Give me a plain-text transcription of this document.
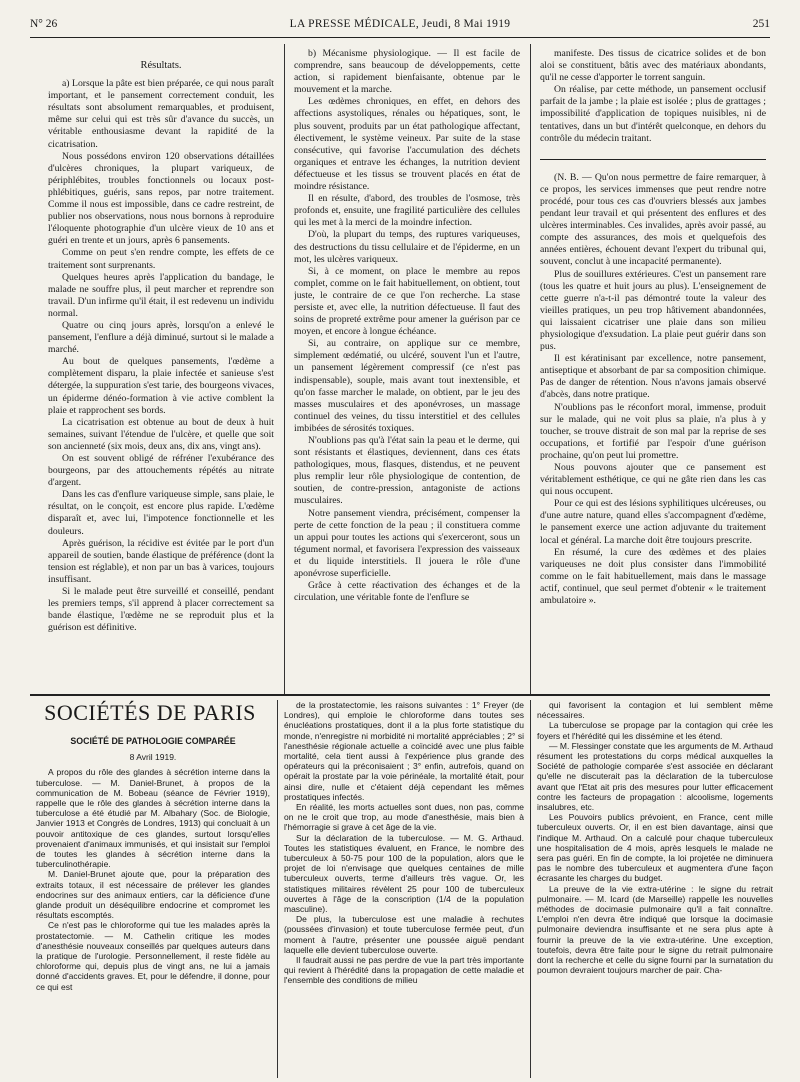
N° 26	LA PRESSE MÉDICALE, Jeudi, 8 Mai 1919	251
Résultats.

a) Lorsque la pâte est bien préparée, ce qui nous paraît important, et le pansement correctement conduit, les résultats sont absolument remarquables, et produisent, même sur celui qui est très sûr d'avance du succès, un véritable enthousiasme devant la rapidité de la cicatrisation.

Nous possédons environ 120 observations détaillées d'ulcères chroniques, la plupart variqueux, de périphlébites, troubles fonctionnels ou locaux post-phlébitiques, guéris, sans repos, par notre traitement. Comme il nous est impossible, dans ce cadre restreint, de publier nos observations, nous nous bornons à reproduire l'éloquente photographie d'un ulcère vieux de 10 ans et guéri en trente et un jours, après 6 pansements.

Comme on peut s'en rendre compte, les effets de ce traitement sont surprenants.

Quelques heures après l'application du bandage, le malade ne souffre plus, il peut marcher et reprendre son travail. D'un infirme qu'il était, il est redevenu un individu normal.

Quatre ou cinq jours après, lorsqu'on a enlevé le pansement, l'enflure a déjà diminué, surtout si le malade a marché.

Au bout de quelques pansements, l'œdème a complètement disparu, la plaie infectée et sanieuse s'est détergée, la suppuration s'est tarie, des bourgeons vivaces, un épiderme dénéo-formation à vie active comblent la plaie et rapprochent ses bords.

La cicatrisation est obtenue au bout de deux à huit semaines, suivant l'étendue de l'ulcère, et quelle que soit son ancienneté (six mois, deux ans, dix ans, vingt ans).

On est souvent obligé de réfréner l'exubérance des bourgeons, par des attouchements répétés au nitrate d'argent.

Dans les cas d'enflure variqueuse simple, sans plaie, le résultat, on le conçoit, est encore plus rapide. L'œdème disparaît et, avec lui, l'impotence fonctionnelle et les douleurs.

Après guérison, la récidive est évitée par le port d'un appareil de soutien, bande élastique de préférence (dont la tension est réglable), et non par un bas à varices, toujours insuffisant.

Si le malade peut être surveillé et conseillé, pendant les premiers temps, s'il apprend à placer correctement sa bande élastique, l'œdème ne se reproduit plus et la guérison est définitive.

b) Mécanisme physiologique. — Il est facile de comprendre, sans beaucoup de développements, cette action, si rapidement bienfaisante, obtenue par le mouvement et la marche.

Les œdèmes chroniques, en effet, en dehors des affections asystoliques, rénales ou hépatiques, sont, le plus souvent, produits par un état pathologique affectant, électivement, le système veineux. Par suite de la stase consécutive, qui favorise l'accumulation des déchets organiques et entrave les échanges, la nutrition devient défectueuse et les tissus se trouvent placés en état de moindre résistance.

Il en résulte, d'abord, des troubles de l'osmose, très profonds et, ensuite, une fragilité particulière des cellules qui les met à la merci de la moindre infection.

D'où, la plupart du temps, des ruptures variqueuses, des destructions du tissu cellulaire et de l'épiderme, en un mot, les ulcères variqueux.

Si, à ce moment, on place le membre au repos complet, comme on le fait habituellement, on obtient, tout juste, le contraire de ce que l'on recherche. La stase persiste et, avec elle, la nutrition défectueuse. Il faut des soins de propreté extrême pour amener la guérison par ce moyen, et encore à longue échéance.

Si, au contraire, on applique sur ce membre, simplement œdématié, ou ulcéré, souvent l'un et l'autre, un pansement légèrement compressif (ce n'est pas indispensable), souple, mais avant tout inextensible, et qu'on fasse marcher le malade, on obtient, par le jeu des masses musculaires et des aponévroses, un massage continuel des veines, du tissu interstitiel et des cellules imbibées de sérosités toxiques.

N'oublions pas qu'à l'état sain la peau et le derme, qui sont résistants et élastiques, deviennent, dans ces états pathologiques, mous, flasques, distendus, et ne peuvent plus remplir leur rôle physiologique de contention, de soutien, de contre-pression, antagoniste de actions musculaires.

Notre pansement viendra, précisément, compenser la perte de cette fonction de la peau ; il constituera comme un appui pour toutes les actions qui s'exerceront, sous un tégument normal, et favorisera l'expression des vaisseaux et du liquide interstitiels. Il jouera le rôle d'une aponévrose superficielle.

Grâce à cette réactivation des échanges et de la circulation, une véritable fonte de l'enflure se

manifeste. Des tissus de cicatrice solides et de bon aloi se constituent, bâtis avec des matériaux abondants, qu'il ne cesse d'apporter le torrent sanguin.

On réalise, par cette méthode, un pansement occlusif parfait de la jambe ; la plaie est isolée ; plus de grattages ; impossibilité d'application de topiques nuisibles, ni de tentatives, dans un but d'intérêt quelconque, en dehors du contrôle du médecin traitant.

(N. B. — Qu'on nous permettre de faire remarquer, à ce propos, les services immenses que peut rendre notre procédé, pour tous ces cas d'ouvriers blessés aux jambes pendant leur travail et qui présentent des enflures et des ulcères interminables. Ces invalides, après avoir passé, au compte des assurances, des mois et quelquefois des années entières, échouent devant l'expert du tribunal qui, souvent, conclut à une incapacité permanente).

Plus de souillures extérieures. C'est un pansement rare (tous les quatre et huit jours au plus). L'enseignement de cette guerre n'a-t-il pas démontré toute la valeur des vieilles pratiques, un peu trop hâtivement abandonnées, qui laissaient cicatriser une plaie dans son milieu physiologique d'exsudation. La plaie peut guérir dans son pus.

Il est kératinisant par excellence, notre pansement, antiseptique et absorbant de par sa composition chimique. Pas de danger de rétention. Nous n'avons jamais observé d'abcès, dans notre pratique.

N'oublions pas le réconfort moral, immense, produit sur le malade, qui ne voit plus sa plaie, n'a plus à y toucher, se trouve distrait de son mal par la reprise de ses occupations, et fortifié par l'espoir d'une guérison prochaine, qu'on peut lui promettre.

Nous pouvons ajouter que ce pansement est véritablement esthétique, ce qui ne gâte rien dans les cas qui nous occupent.

Pour ce qui est des lésions syphilitiques ulcéreuses, ou d'une autre nature, quand elles s'accompagnent d'œdème, le pansement exerce une action adjuvante du traitement local et général. La marche doit être toujours prescrite.

En résumé, la cure des œdèmes et des plaies variqueuses ne doit plus consister dans l'immobilité comme on le fait habituellement, mais dans le massage actif, continuel, que seul permet d'obtenir « le traitement ambulatoire ».

SOCIÉTÉS DE PARIS
SOCIÉTÉ DE PATHOLOGIE COMPARÉE
8 Avril 1919.

A propos du rôle des glandes à sécrétion interne dans la tuberculose. — M. Daniel-Brunet, à propos de la communication de M. Bobeau (séance de Février 1919), rappelle que le rôle des glandes à sécrétion interne dans la tuberculose a été étudié par M. Albahary (Soc. de Biologie, Janvier 1913 et Congrès de Londres, 1913) qui concluait à un pouvoir antitoxique de ces glandes, surtout lorsqu'elles provenaient d'animaux immunisés, et qui insistait sur l'emploi de toutes les glandes à sécrétion interne dans la tuberculinothérapie.

M. Daniel-Brunet ajoute que, pour la préparation des extraits totaux, il est nécessaire de prélever les glandes endocrines sur des animaux entiers, car la déficience d'une glande produit un déséquilibre endocrine et compromet les résultats escomptés.

Ce n'est pas le chloroforme qui tue les malades après la prostatectomie. — M. Cathelin critique les modes d'anesthésie nouveaux conseillés par quelques auteurs dans la pratique de l'urologie. Personnellement, il reste fidèle au chloroforme qui, depuis plus de vingt ans, ne lui a jamais donné d'accidents graves. Et, pour le défendre, il donne, pour ce qui est

de la prostatectomie, les raisons suivantes : 1° Freyer (de Londres), qui emploie le chloroforme dans toutes ses énucléations prostatiques, dont il a la plus forte statistique du monde, n'enregistre ni morbidité ni mortalité appréciables ; 2° si l'anesthésie régionale actuelle a coïncidé avec une plus faible mortalité, cela tient aussi à l'expérience plus grande des opérateurs qui la préconisaient ; 3° enfin, autrefois, quand on opérait la prostate par la voie périnéale, la mortalité était, pour ainsi dire, nulle et c'étaient déjà cependant les mêmes prostatiques infectés.

En réalité, les morts actuelles sont dues, non pas, comme on ne le croit que trop, au mode d'anesthésie, mais bien à l'hémorragie si grave à cet âge de la vie.

Sur la déclaration de la tuberculose. — M. G. Arthaud. Toutes les statistiques évaluent, en France, le nombre des tuberculeux à 50-75 pour 100 de la population, alors que le projet de loi n'envisage que quelques centaines de mille tuberculeux ouverts, terme d'ailleurs très vague. Or, les statistiques militaires révèlent 25 pour 100 de tuberculeux ouvertes à l'âge de la conscription (1/4 de la population masculine).

De plus, la tuberculose est une maladie à rechutes (poussées d'invasion) et toute tuberculose fermée peut, d'un moment à l'autre, présenter une poussée aiguë pendant laquelle elle devient tuberculose ouverte.

Il faudrait aussi ne pas perdre de vue la part très importante qui revient à l'hérédité dans la propagation de cette maladie et l'ensemble des conditions de milieu

qui favorisent la contagion et lui semblent même nécessaires.

La tuberculose se propage par la contagion qui crée les foyers et l'hérédité qui les dissémine et les étend.

— M. Flessinger constate que les arguments de M. Arthaud résument les protestations du corps médical auxquelles la Société de pathologie comparée s'est associée en déclarant qu'elle ne discuterait pas la déclaration de la tuberculose avant que l'Etat ait pris des mesures pour lutter efficacement contre les facteurs de propagation : alcoolisme, logements insalubres, etc.

Les Pouvoirs publics prévoient, en France, cent mille tuberculeux ouverts. Or, il en est bien davantage, ainsi que l'indique M. Arthaud. On a calculé pour chaque tuberculeux une hospitalisation de 4 mois, après lesquels le malade ne sera pas guéri. En fin de compte, la loi projetée ne diminuera pas le nombre des tuberculeux et augmentera d'une façon écrasante les charges du budget.

La preuve de la vie extra-utérine : le signe du retrait pulmonaire. — M. Icard (de Marseille) rappelle les nouvelles méthodes de docimasie pulmonaire qu'il a fait connaître. L'emploi n'en devra être indiqué que lorsque la docimasie pulmonaire deviendra insuffisante et ne sera plus apte à fournir la preuve de la vie extra-utérine. Une exception, toutefois, devra être faite pour le signe du retrait pulmonaire dont la recherche et celle du signe fourni par la surnatation du poumon devraient toujours marcher de pair. Cha-
